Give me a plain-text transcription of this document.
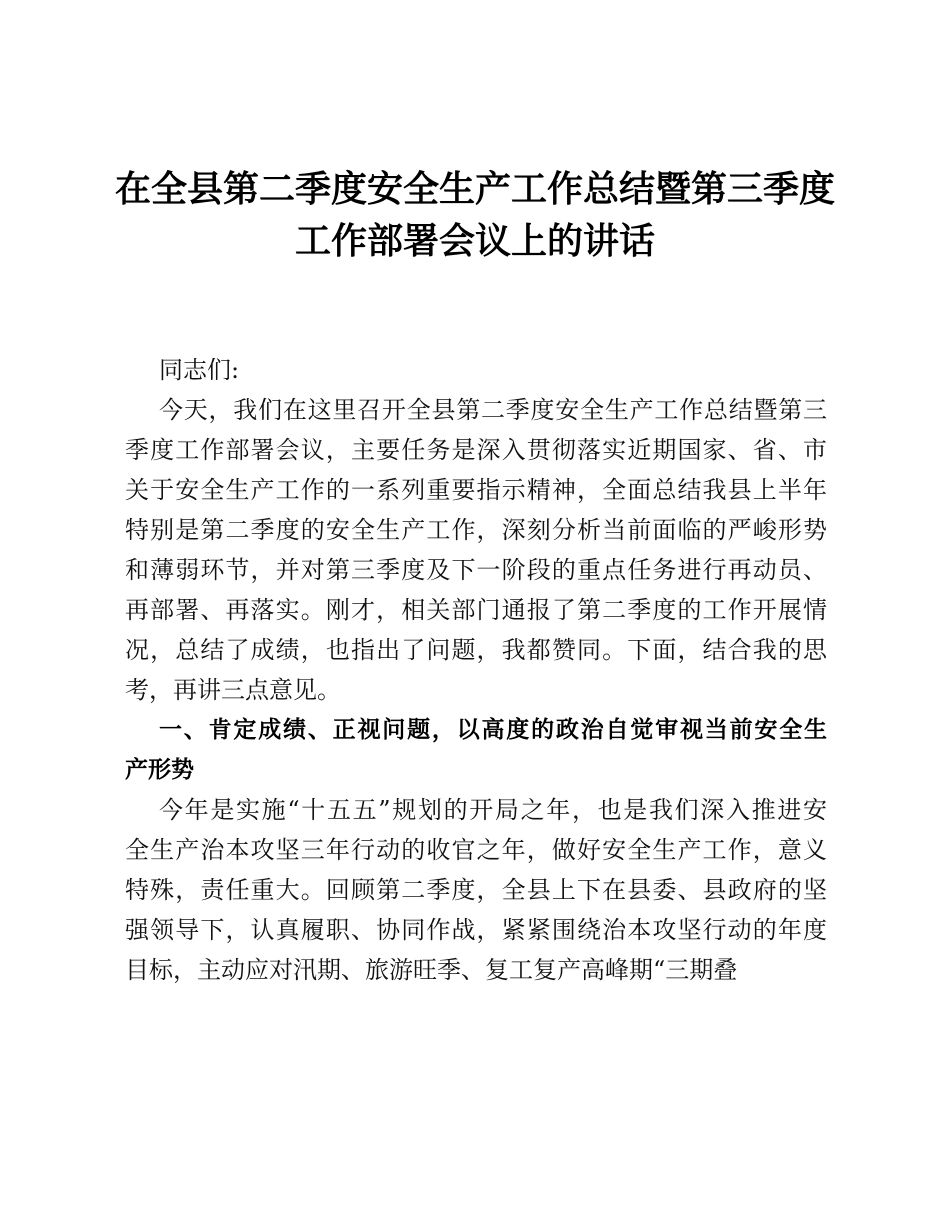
在全县第二季度安全生产工作总结暨第三季度
工作部署会议上的讲话
同志们:
今天，我们在这里召开全县第二季度安全生产工作总结暨第三
季度工作部署会议，主要任务是深入贯彻落实近期国家、省、市
关于安全生产工作的一系列重要指示精神，全面总结我县上半年
特别是第二季度的安全生产工作，深刻分析当前面临的严峻形势
和薄弱环节，并对第三季度及下一阶段的重点任务进行再动员、
再部署、再落实。刚才，相关部门通报了第二季度的工作开展情
况，总结了成绩，也指出了问题，我都赞同。下面，结合我的思
考，再讲三点意见。
一、肯定成绩、正视问题，以高度的政治自觉审视当前安全生
产形势
今年是实施“十五五”规划的开局之年，也是我们深入推进安
全生产治本攻坚三年行动的收官之年，做好安全生产工作，意义
特殊，责任重大。回顾第二季度，全县上下在县委、县政府的坚
强领导下，认真履职、协同作战，紧紧围绕治本攻坚行动的年度
目标，主动应对汛期、旅游旺季、复工复产高峰期“三期叠
